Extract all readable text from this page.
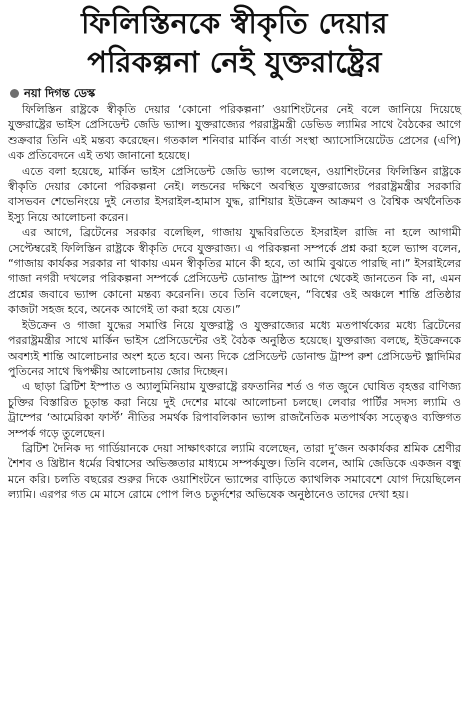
ফিলিস্তিনকে স্বীকৃতি দেয়ার
পরিকল্পনা নেই যুক্তরাষ্ট্রের
নয়া দিগন্ত ডেস্ক

ফিলিস্তিন রাষ্ট্রকে স্বীকৃতি দেয়ার ‘কোনো পরিকল্পনা’ ওয়াশিংটনের নেই বলে জানিয়ে দিয়েছে যুক্তরাষ্ট্রের ভাইস প্রেসিডেন্ট জেডি ভ্যান্স। যুক্তরাজ্যের পররাষ্ট্রমন্ত্রী ডেভিড ল্যামির সাথে বৈঠকের আগে শুক্রবার তিনি এই মন্তব্য করেছেন। গতকাল শনিবার মার্কিন বার্তা সংস্থা অ্যাসোসিয়েটেড প্রেসের (এপি) এক প্রতিবেদনে এই তথ্য জানানো হয়েছে।

এতে বলা হয়েছে, মার্কিন ভাইস প্রেসিডেন্ট জেডি ভ্যান্স বলেছেন, ওয়াশিংটনের ফিলিস্তিন রাষ্ট্রকে স্বীকৃতি দেয়ার কোনো পরিকল্পনা নেই। লন্ডনের দক্ষিণে অবস্থিত যুক্তরাজ্যের পররাষ্ট্রমন্ত্রীর সরকারি বাসভবন শেভেনিংয়ে দুই নেতার ইসরাইল-হামাস যুদ্ধ, রাশিয়ার ইউক্রেন আক্রমণ ও বৈশ্বিক অর্থনৈতিক ইস্যু নিয়ে আলোচনা করেন।

এর আগে, ব্রিটেনের সরকার বলেছিল, গাজায় যুদ্ধবিরতিতে ইসরাইল রাজি না হলে আগামী সেপ্টেম্বরেই ফিলিস্তিন রাষ্ট্রকে স্বীকৃতি দেবে যুক্তরাজ্য। এ পরিকল্পনা সম্পর্কে প্রশ্ন করা হলে ভ্যান্স বলেন, “গাজায় কার্যকর সরকার না থাকায় এমন স্বীকৃতির মানে কী হবে, তা আমি বুঝতে পারছি না।” ইসরাইলের গাজা নগরী দখলের পরিকল্পনা সম্পর্কে প্রেসিডেন্ট ডোনাল্ড ট্রাম্প আগে থেকেই জানতেন কি না, এমন প্রশ্নের জবাবে ভ্যান্স কোনো মন্তব্য করেননি। তবে তিনি বলেছেন, “বিশ্বের ওই অঞ্চলে শান্তি প্রতিষ্ঠার কাজটা সহজ হবে, অনেক আগেই তা করা হয়ে যেত।”

ইউক্রেন ও গাজা যুদ্ধের সমাপ্তি নিয়ে যুক্তরাষ্ট্র ও যুক্তরাজ্যের মধ্যে মতপার্থক্যের মধ্যে ব্রিটেনের পররাষ্ট্রমন্ত্রীর সাথে মার্কিন ভাইস প্রেসিডেন্টের ওই বৈঠক অনুষ্ঠিত হয়েছে। যুক্তরাজ্য বলছে, ইউক্রেনকে অবশ্যই শান্তি আলোচনার অংশ হতে হবে। অন্য দিকে প্রেসিডেন্ট ডোনাল্ড ট্রাম্প রুশ প্রেসিডেন্ট ভ্লাদিমির পুতিনের সাথে দ্বিপক্ষীয় আলোচনায় জোর দিচ্ছেন।

এ ছাড়া ব্রিটিশ ইস্পাত ও অ্যালুমিনিয়াম যুক্তরাষ্ট্রে রফতানির শর্ত ও গত জুনে ঘোষিত বৃহত্তর বাণিজ্য চুক্তির বিস্তারিত চূড়ান্ত করা নিয়ে দুই দেশের মাঝে আলোচনা চলছে। লেবার পার্টির সদস্য ল্যামি ও ট্রাম্পের ‘আমেরিকা ফার্স্ট’ নীতির সমর্থক রিপাবলিকান ভ্যান্স রাজনৈতিক মতপার্থক্য সত্ত্বেও ব্যক্তিগত সম্পর্ক গড়ে তুলেছেন।

ব্রিটিশ দৈনিক দ্য গার্ডিয়ানকে দেয়া সাক্ষাৎকারে ল্যামি বলেছেন, তারা দু’জন অকার্যকর শ্রমিক শ্রেণীর শৈশব ও খ্রিষ্টান ধর্মের বিশ্বাসের অভিজ্ঞতার মাধ্যমে সম্পর্কযুক্ত। তিনি বলেন, আমি জেডিকে একজন বন্ধু মনে করি। চলতি বছরের শুরুর দিকে ওয়াশিংটনে ভ্যান্সের বাড়িতে ক্যাথলিক সমাবেশে যোগ দিয়েছিলেন ল্যামি। এরপর গত মে মাসে রোমে পোপ লিও চতুর্দশের অভিষেক অনুষ্ঠানেও তাদের দেখা হয়।
